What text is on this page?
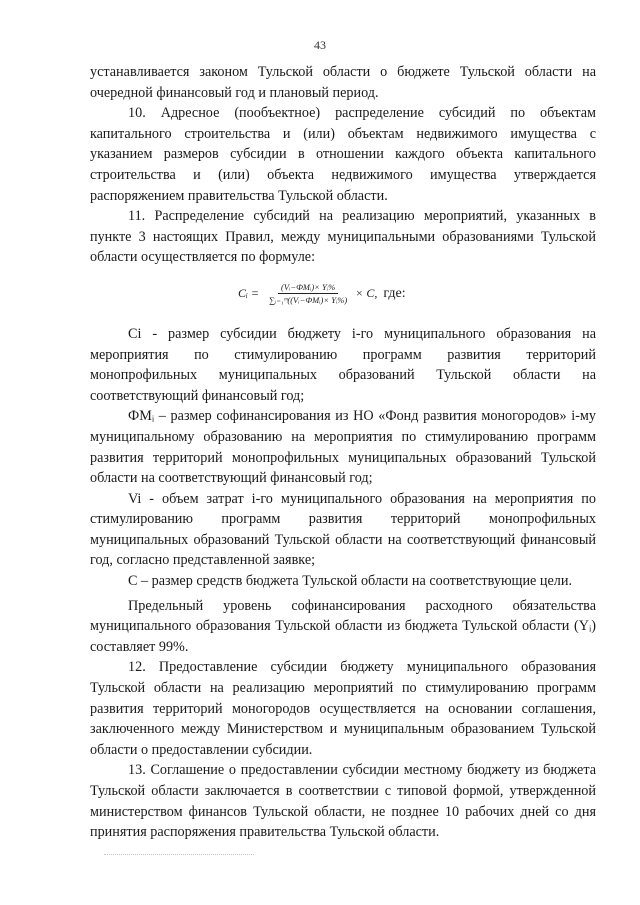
43

устанавливается законом Тульской области о бюджете Тульской области на очередной финансовый год и плановый период.

10. Адресное (пообъектное) распределение субсидий по объектам капитального строительства и (или) объектам недвижимого имущества с указанием размеров субсидии в отношении каждого объекта капитального строительства и (или) объекта недвижимого имущества утверждается распоряжением правительства Тульской области.

11. Распределение субсидий на реализацию мероприятий, указанных в пункте 3 настоящих Правил, между муниципальными образованиями Тульской области осуществляется по формуле:

Cᵢ = $\frac{\text{(Vᵢ−ФМᵢ)× Yᵢ\%}}{\text{∑ᵢ₌₁ᵐ((Vᵢ−ФМᵢ)× Yᵢ\%)}} \times C$, где:

Ci - размер субсидии бюджету i-го муниципального образования на мероприятия по стимулированию программ развития территорий монопрофильных муниципальных образований Тульской области на соответствующий финансовый год;

ФМᵢ – размер софинансирования из НО «Фонд развития моногородов» i-му муниципальному образованию на мероприятия по стимулированию программ развития территорий монопрофильных муниципальных образований Тульской области на соответствующий финансовый год;

Vi - объем затрат i-го муниципального образования на мероприятия по стимулированию программ развития территорий монопрофильных муниципальных образований Тульской области на соответствующий финансовый год, согласно представленной заявке;

С – размер средств бюджета Тульской области на соответствующие цели.

Предельный уровень софинансирования расходного обязательства муниципального образования Тульской области из бюджета Тульской области (Yᵢ) составляет 99%.

12. Предоставление субсидии бюджету муниципального образования Тульской области на реализацию мероприятий по стимулированию программ развития территорий моногородов осуществляется на основании соглашения, заключенного между Министерством и муниципальным образованием Тульской области о предоставлении субсидии.

13. Соглашение о предоставлении субсидии местному бюджету из бюджета Тульской области заключается в соответствии с типовой формой, утвержденной министерством финансов Тульской области, не позднее 10 рабочих дней со дня принятия распоряжения правительства Тульской области.
